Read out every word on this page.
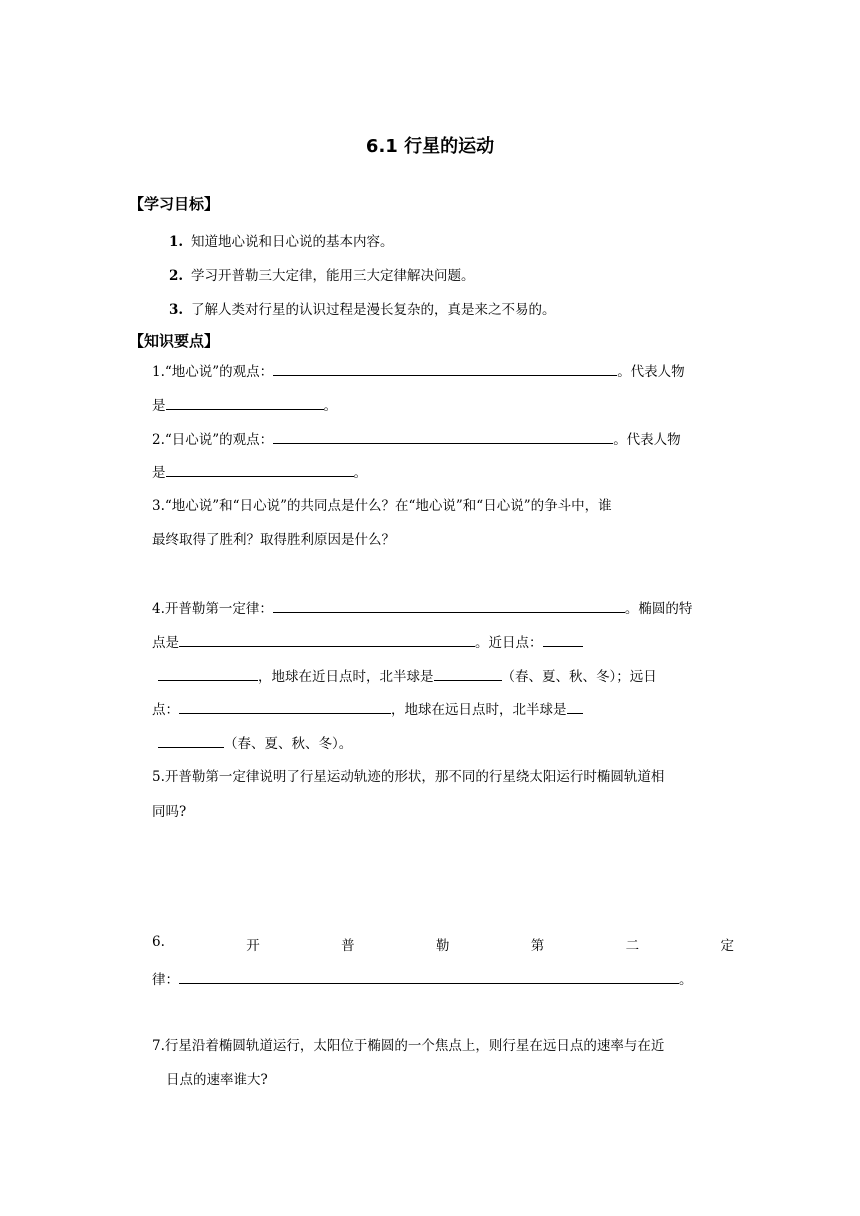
6.1 行星的运动
【学习目标】
1. 知道地心说和日心说的基本内容。
2. 学习开普勒三大定律，能用三大定律解决问题。
3. 了解人类对行星的认识过程是漫长复杂的，真是来之不易的。
【知识要点】
1.“地心说”的观点：	。代表人物
是	。
2.“日心说”的观点：	。代表人物
是	。
3.“地心说”和“日心说”的共同点是什么？在“地心说”和“日心说”的争斗中，谁
最终取得了胜利？取得胜利原因是什么？
4.开普勒第一定律：	。椭圆的特
点是	。近日点：
，地球在近日点时，北半球是	（春、夏、秋、冬）；远日
点：	，地球在远日点时，北半球是
（春、夏、秋、冬）。
5.开普勒第一定律说明了行星运动轨迹的形状，那不同的行星绕太阳运行时椭圆轨道相
同吗?
6.	开	普	勒	第	二	定
律：	。
7.行星沿着椭圆轨道运行，太阳位于椭圆的一个焦点上，则行星在远日点的速率与在近
日点的速率谁大?
